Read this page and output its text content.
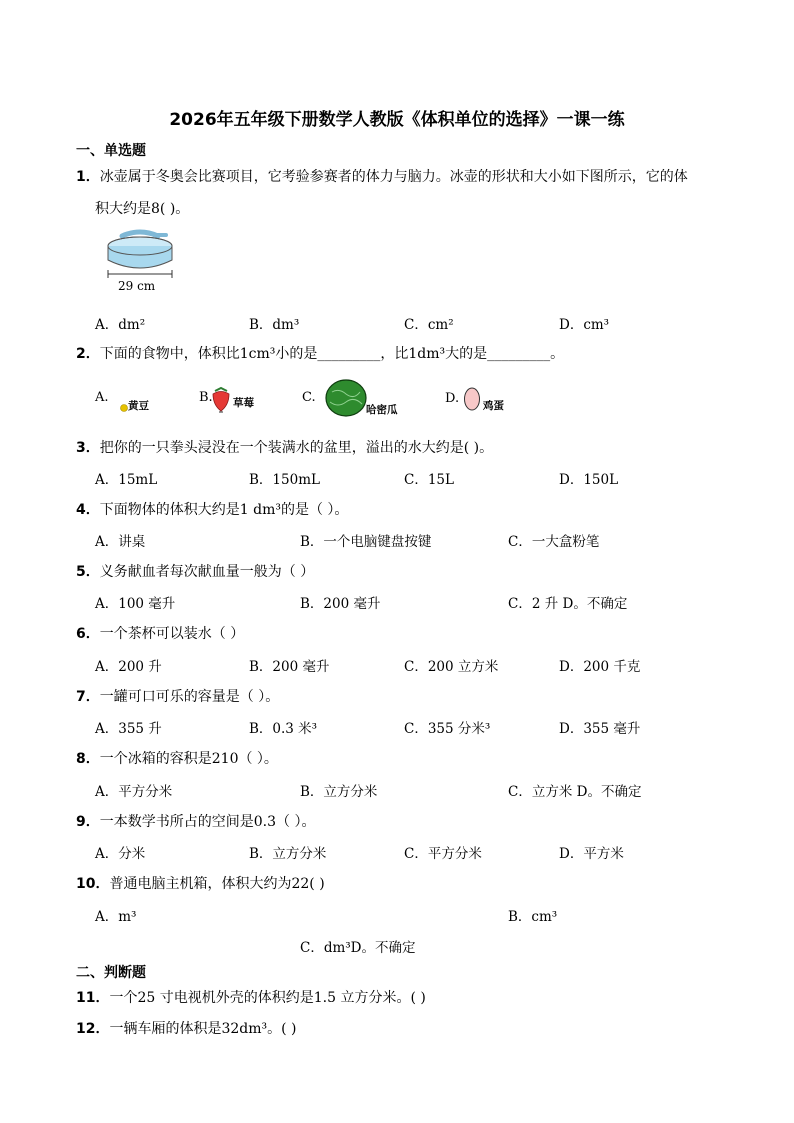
2026年五年级下册数学人教版《体积单位的选择》一课一练
一、单选题
1．冰壶属于冬奥会比赛项目，它考验参赛者的体力与脑力。冰壶的形状和大小如下图所示，它的体
积大约是8( )。
29 cm
A．dm²	B．dm³	C．cm²	D．cm³
2．下面的食物中，体积比1cm³小的是_________，比1dm³大的是_________。
A.
黄豆
B. 草莓	C.
哈密瓜
D. 鸡蛋
3．把你的一只拳头浸没在一个装满水的盆里，溢出的水大约是( )。
A．15mL	B．150mL	C．15L	D．150L
4．下面物体的体积大约是1 dm³的是（ ）。
A．讲桌	B．一个电脑键盘按键	C．一大盒粉笔
5．义务献血者每次献血量一般为（ ）
A．100 毫升	B．200 毫升	C．2 升 D。不确定
6．一个茶杯可以装水（ ）
A．200 升	B．200 毫升	C．200 立方米	D．200 千克
7．一罐可口可乐的容量是（ ）。
A．355 升	B．0.3 米³	C．355 分米³	D．355 毫升
8．一个冰箱的容积是210（ ）。
A．平方分米	B．立方分米	C．立方米 D。不确定
9．一本数学书所占的空间是0.3（ ）。
A．分米	B．立方分米	C．平方分米	D．平方米
10．普通电脑主机箱，体积大约为22( )
A．m³	B．cm³
C．dm³D。不确定
二、判断题
11．一个25 寸电视机外壳的体积约是1.5 立方分米。( )
12．一辆车厢的体积是32dm³。( )
